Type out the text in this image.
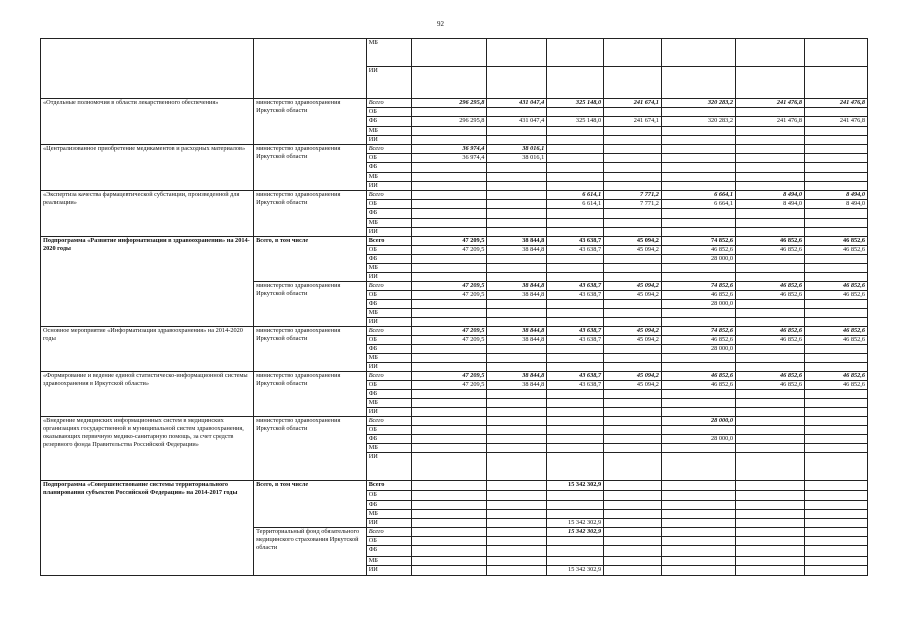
92
		МБ							
		ИИ							
«Отдельные полномочия в области лекарственного обеспечения»	министерство здравоохранения Иркутской области	Всего	296 295,8	431 047,4	325 148,0	241 674,1	320 283,2	241 476,8	241 476,8
		ОБ							
		ФБ	296 295,8	431 047,4	325 148,0	241 674,1	320 283,2	241 476,8	241 476,8
		МБ							
		ИИ							
«Централизованное приобретение медикаментов и расходных материалов»	министерство здравоохранения Иркутской области	Всего	36 974,4	38 016,1					
		ОБ	36 974,4	38 016,1					
		ФБ							
		МБ							
		ИИ							
«Экспертиза качества фармацевтической субстанции, произведенной для реализации»	министерство здравоохранения Иркутской области	Всего			6 614,1	7 771,2	6 664,1	8 494,0	8 494,0
		ОБ			6 614,1	7 771,2	6 664,1	8 494,0	8 494,0
		ФБ							
		МБ							
		ИИ							
Подпрограмма «Развитие информатизации в здравоохранении» на 2014-2020 годы	Всего, в том числе	Всего	47 209,5	38 844,8	43 638,7	45 094,2	74 852,6	46 852,6	46 852,6
		ОБ	47 209,5	38 844,8	43 638,7	45 094,2	46 852,6	46 852,6	46 852,6
		ФБ					28 000,0		
		МБ							
		ИИ							
	министерство здравоохранения Иркутской области	Всего	47 209,5	38 844,8	43 638,7	45 094,2	74 852,6	46 852,6	46 852,6
		ОБ	47 209,5	38 844,8	43 638,7	45 094,2	46 852,6	46 852,6	46 852,6
		ФБ					28 000,0		
		МБ							
		ИИ							
Основное мероприятие «Информатизация здравоохранения» на 2014-2020 годы	министерство здравоохранения Иркутской области	Всего	47 209,5	38 844,8	43 638,7	45 094,2	74 852,6	46 852,6	46 852,6
		ОБ	47 209,5	38 844,8	43 638,7	45 094,2	46 852,6	46 852,6	46 852,6
		ФБ					28 000,0		
		МБ							
		ИИ							
«Формирование и ведение единой статистическо-информационной системы здравоохранения в Иркутской области»	министерство здравоохранения Иркутской области	Всего	47 209,5	38 844,8	43 638,7	45 094,2	46 852,6	46 852,6	46 852,6
		ОБ	47 209,5	38 844,8	43 638,7	45 094,2	46 852,6	46 852,6	46 852,6
		ФБ							
		МБ							
		ИИ							
«Внедрение медицинских информационных систем в медицинских организациях государственной и муниципальной систем здравоохранения, оказывающих первичную медико-санитарную помощь, за счет средств резервного фонда Правительства Российской Федерации»	министерство здравоохранения Иркутской области	Всего					28 000,0		
		ОБ							
		ФБ					28 000,0		
		МБ							
		ИИ							
Подпрограмма «Совершенствование системы территориального планирования субъектов Российской Федерации» на 2014-2017 годы	Всего, в том числе	Всего			15 342 302,9				
		ОБ							
		ФБ							
		МБ							
		ИИ			15 342 302,9				
	Территориальный фонд обязательного медицинского страхования Иркутской области	Всего			15 342 302,9				
		ОБ							
		ФБ							
		МБ							
		ИИ			15 342 302,9				
